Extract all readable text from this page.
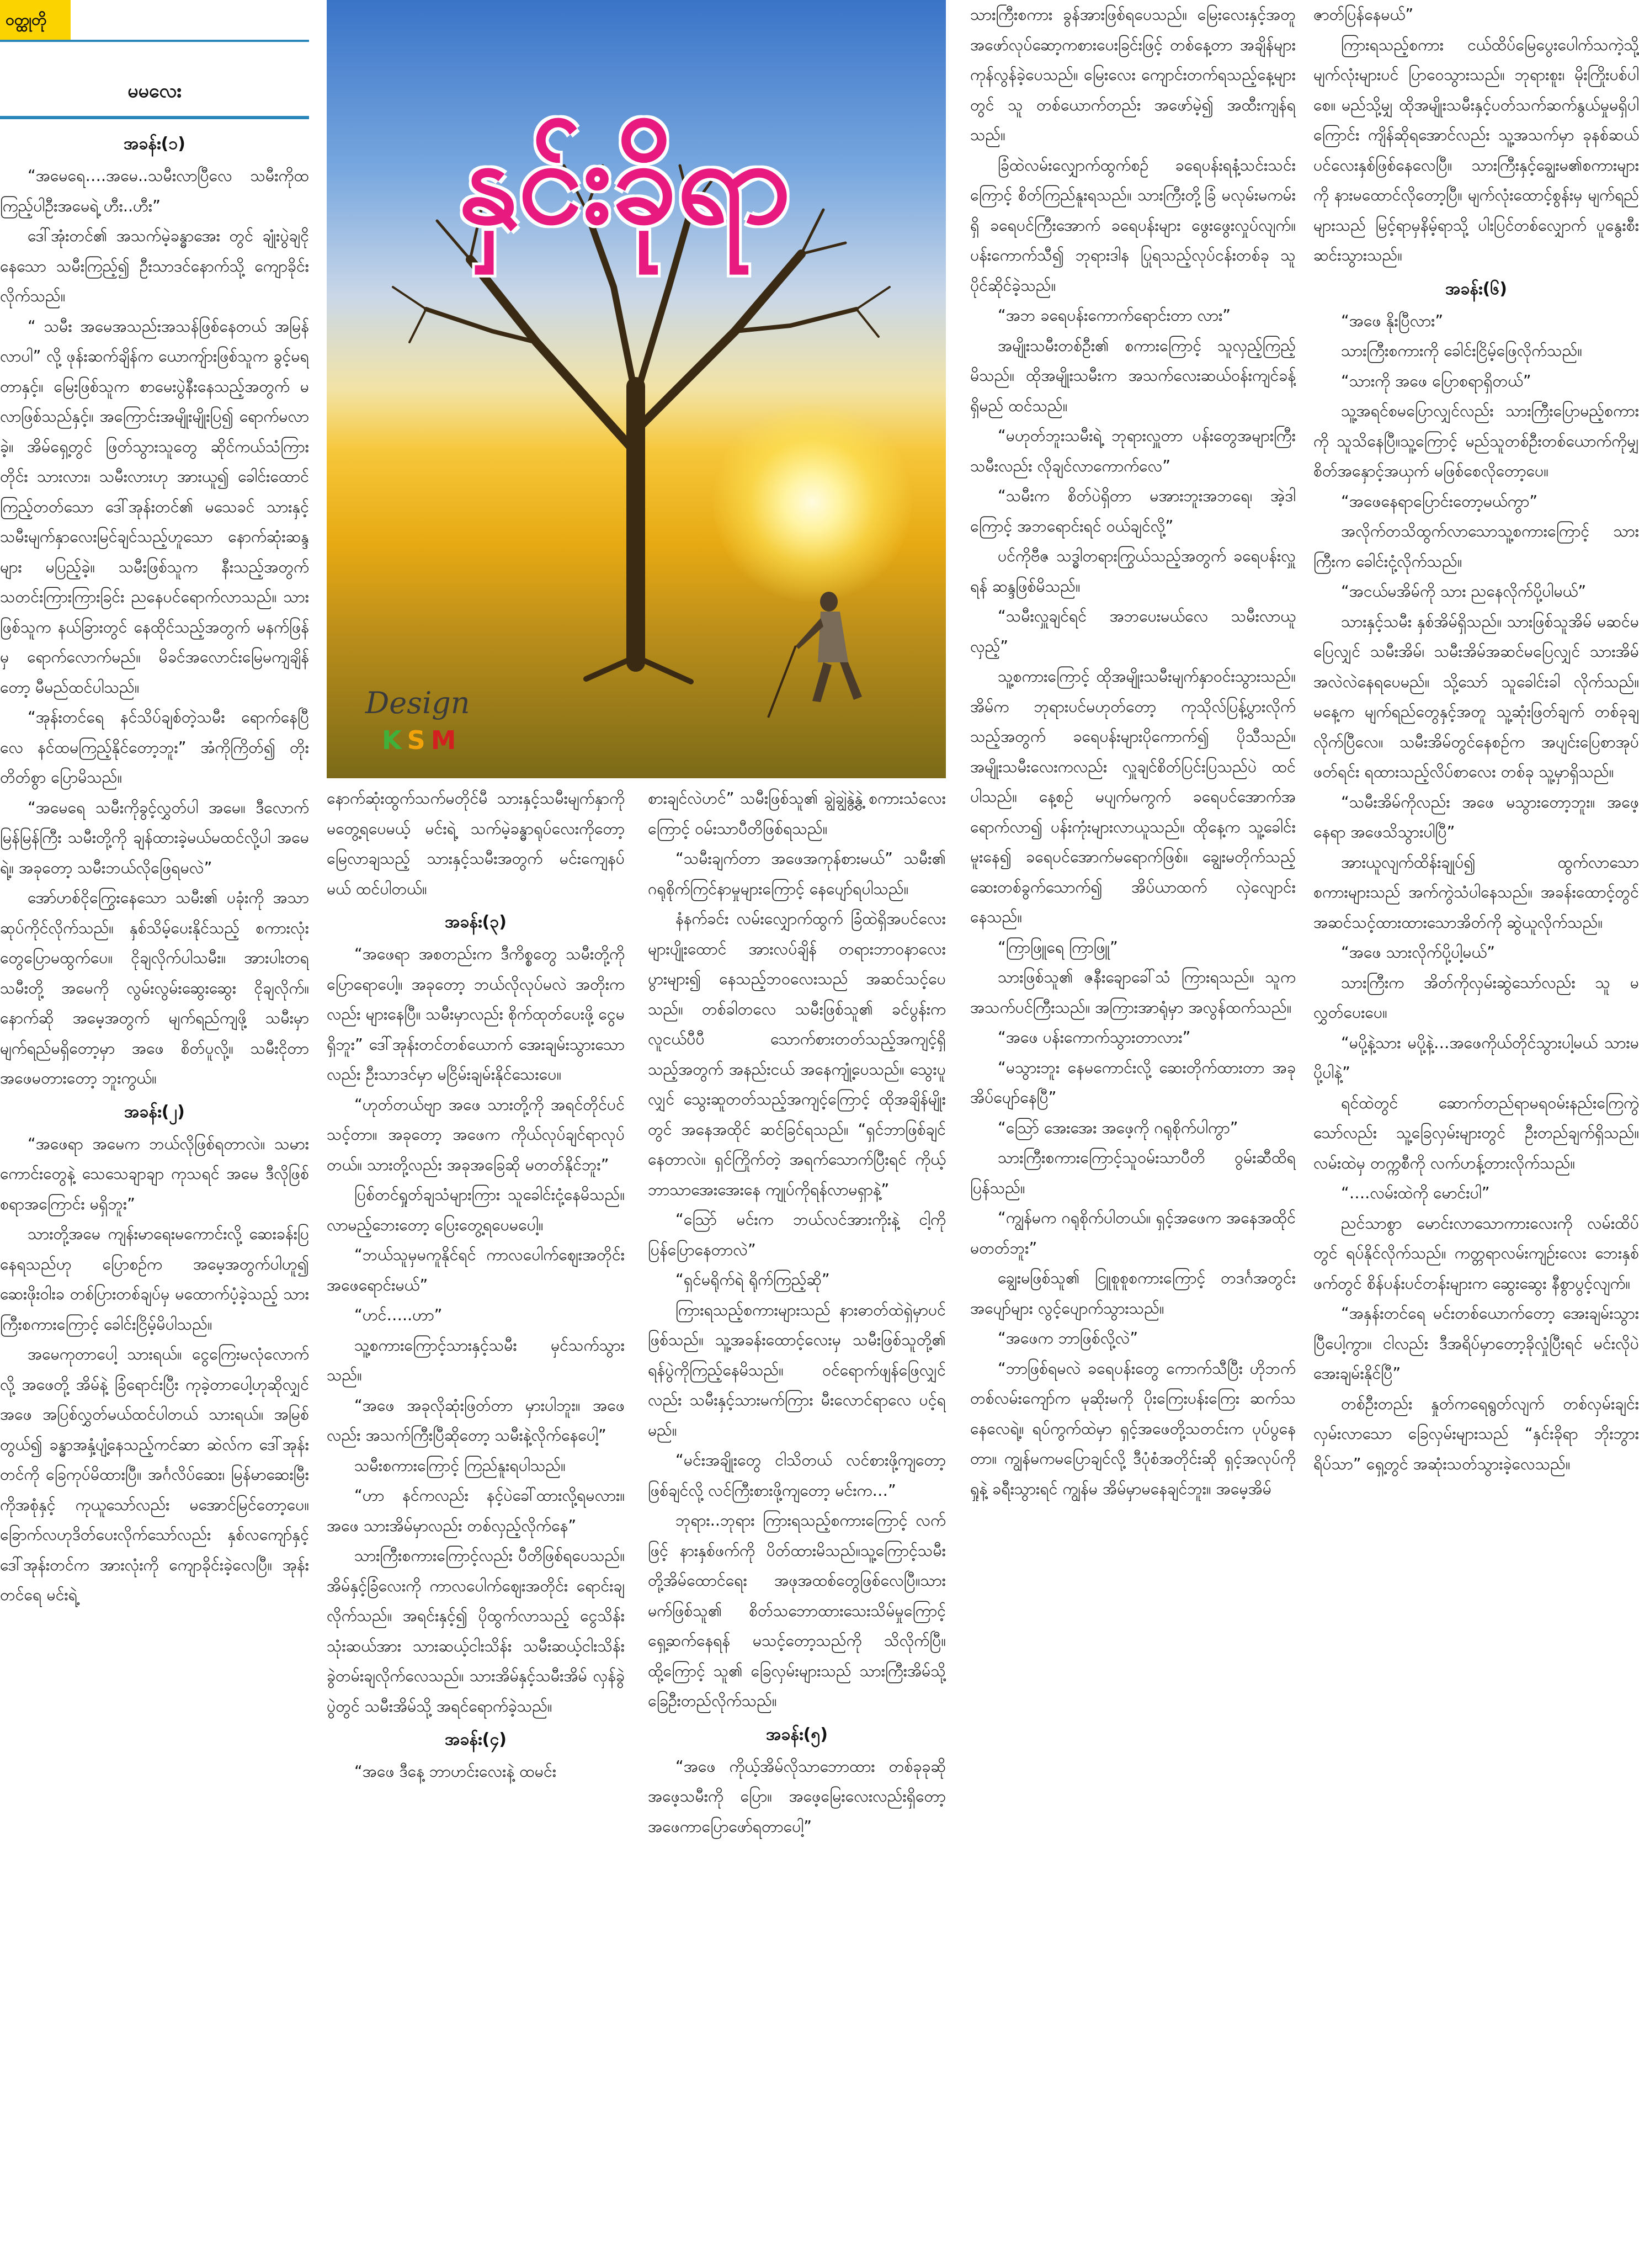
ဝတ္ထုတို
မမလေး
နှင်းခိုရာ
Design
KSM
အခန်း(၁)

“အမေရေ….အမေ..သမီးလာပြီလေ သမီးကိုထကြည့်ပါဦးအမေရဲ့ ဟီး..ဟီး”

ဒေါ်အုံးတင်၏ အသက်မဲ့ခန္ဓာအေး တွင် ချုံးပွဲချငိုနေသော သမီးကြည့်၍ ဦးသာဒင်နောက်သို့ ကျောခိုင်းလိုက်သည်။

“ သမီး အမေအသည်းအသန်ဖြစ်နေတယ် အမြန်လာပါ” လို့ ဖုန်းဆက်ချိန်က ယောကျ်ားဖြစ်သူက ခွင့်မရတာနှင့်။ မြေးဖြစ်သူက စာမေးပွဲနီးနေသည့်အတွက် မလာဖြစ်သည်နှင့်။ အကြောင်းအမျိုးမျိုးပြ၍ ရောက်မလာခဲ့။ အိမ်ရှေ့တွင် ဖြတ်သွားသူတွေ ဆိုင်ကယ်သံကြားတိုင်း သားလား၊ သမီးလားဟု အားယူ၍ ခေါင်းထောင်ကြည့်တတ်သော ဒေါ်အုန်းတင်၏ မသေခင် သားနှင့် သမီးမျက်နှာလေးမြင်ချင်သည့်ဟူသော နောက်ဆုံးဆန္ဒများ မပြည့်ခဲ့။ သမီးဖြစ်သူက နီးသည့်အတွက်သတင်းကြားကြားခြင်း ညနေပင်ရောက်လာသည်။ သားဖြစ်သူက နယ်ခြားတွင် နေထိုင်သည့်အတွက် မနက်ဖြန်မှ ရောက်လောက်မည်။ မိခင်အလောင်းမြေမကျချိန်တော့ မီမည်ထင်ပါသည်။

“အုန်းတင်ရေ နင်သိပ်ချစ်တဲ့သမီး ရောက်နေပြီလေ နင်ထမကြည့်နိုင်တော့ဘူး” အံကိုကြိတ်၍ တိုးတိတ်စွာ ပြောမိသည်။

“အမေရေ သမီးကိုခွင့်လွှတ်ပါ အမေ။ ဒီလောက်မြန်မြန်ကြီး သမီးတို့ကို ချန်ထားခဲ့မယ်မထင်လို့ပါ အမေရဲ့။ အခုတော့ သမီးဘယ်လိုဖြေရမလဲ”

အော်ဟစ်ငိုကြွေးနေသော သမီး၏ ပခုံးကို အသာဆုပ်ကိုင်လိုက်သည်။ နှစ်သိမ့်ပေးနိုင်သည့် စကားလုံးတွေပြောမထွက်ပေ။ ငိုချလိုက်ပါသမီး။ အားပါးတရ သမီးတို့ အမေကို လွမ်းလွမ်းဆွေးဆွေး ငိုချလိုက်။ နောက်ဆို အမေ့အတွက် မျက်ရည်ကျဖို့ သမီးမှာ မျက်ရည်မရှိတော့မှာ အဖေ စိတ်ပူလို့။ သမီးငိုတာ အဖေမတားတော့ ဘူးကွယ်။

အခန်း(၂)

“အဖေရာ အမေက ဘယ်လိုဖြစ်ရတာလဲ။ သမားကောင်းတွေနဲ့ သေသေချာချာ ကုသရင် အမေ ဒီလိုဖြစ်စရာအကြောင်း မရှိဘူး”

သားတို့အမေ ကျန်းမာရေးမကောင်းလို့ ဆေးခန်းပြနေရသည်ဟု ပြောစဉ်က အမေ့အတွက်ပါဟူ၍ ဆေးဖိုးဝါးခ တစ်ပြားတစ်ချပ်မှ မထောက်ပံ့ခဲ့သည့် သားကြီးစကားကြောင့် ခေါင်းငြိမ့်မိပါသည်။

အမေကုတာပေါ့ သားရယ်။ ငွေကြေးမလုံလောက်လို့ အဖေတို့ အိမ်နဲ့ ခြံရောင်းပြီး ကုခဲ့တာပေါ့ဟုဆိုလျှင် အဖေ အပြစ်လွှတ်မယ်ထင်ပါတယ် သားရယ်။ အမြစ်တွယ်၍ ခန္ဓာအနှံ့ပျံ့နေသည့်ကင်ဆာ ဆဲလ်က ဒေါ်အုန်းတင်ကို ခြေကုပ်မိထားပြီ။ အင်္ဂလိပ်ဆေး၊ မြန်မာဆေးမြီးကိုအစုံနှင့် ကုယူသော်လည်း မအောင်မြင်တော့ပေ။ ခြောက်လဟုဒိတ်ပေးလိုက်သော်လည်း နှစ်လကျော်နှင့် ဒေါ်အုန်းတင်က အားလုံးကို ကျောခိုင်းခဲ့လေပြီ။ အုန်းတင်ရေ မင်းရဲ့

နောက်ဆုံးထွက်သက်မတိုင်မီ သားနှင့်သမီးမျက်နှာကို မတွေ့ရပေမယ့် မင်းရဲ့ သက်မဲ့ခန္ဓာရုပ်လေးကိုတော့ မြေလာချသည့် သားနှင့်သမီးအတွက် မင်းကျေနပ်မယ် ထင်ပါတယ်။

အခန်း(၃)

“အဖေရာ အစတည်းက ဒီကိစ္စတွေ သမီးတို့ကို ပြောရောပေါ့။ အခုတော့ ဘယ်လိုလုပ်မလဲ အတိုးကလည်း များနေပြီ။ သမီးမှာလည်း စိုက်ထုတ်ပေးဖို့ ငွေမရှိဘူး” ဒေါ်အုန်းတင်တစ်ယောက် အေးချမ်းသွားသောလည်း ဦးသာဒင်မှာ မငြိမ်းချမ်းနိုင်သေးပေ။

“ဟုတ်တယ်ဗျာ အဖေ သားတို့ကို အရင်တိုင်ပင်သင့်တာ။ အခုတော့ အဖေက ကိုယ်လုပ်ချင်ရာလုပ်တယ်။ သားတို့လည်း အခုအခြေဆို မတတ်နိုင်ဘူး”

ပြစ်တင်ရှုတ်ချသံများကြား သူခေါင်းငုံ့နေမိသည်။ လာမည့်ဘေးတော့ ပြေးတွေ့ရပေမပေါ့။

“ဘယ်သူမှမကူနိုင်ရင် ကာလပေါက်ဈေးအတိုင်း အဖေရောင်းမယ်”

“ဟင်…..ဟာ”

သူ့စကားကြောင့်သားနှင့်သမီး မှင်သက်သွားသည်။

“အဖေ အခုလိုဆုံးဖြတ်တာ မှားပါဘူး။ အဖေလည်း အသက်ကြီးပြီဆိုတော့ သမီးနဲ့လိုက်နေပေါ့”

သမီးစကားကြောင့် ကြည်နူးရပါသည်။

“ဟာ နင်ကလည်း နင့်ပဲခေါ်ထားလို့ရမလား။ အဖေ သားအိမ်မှာလည်း တစ်လှည့်လိုက်နေ”

သားကြီးစကားကြောင့်လည်း ပီတိဖြစ်ရပေသည်။ အိမ်နှင့်ခြံလေးကို ကာလပေါက်ဈေးအတိုင်း ရောင်းချလိုက်သည်။ အရင်းနှင့်၍ ပိုထွက်လာသည့် ငွေသိန်းသုံးဆယ်အား သားဆယ့်ငါးသိန်း သမီးဆယ့်ငါးသိန်း ခွဲတမ်းချလိုက်လေသည်။ သားအိမ်နှင့်သမီးအိမ် လှန်ခွဲပွဲတွင် သမီးအိမ်သို့ အရင်ရောက်ခဲ့သည်။

အခန်း(၄)

“အဖေ ဒီနေ့ ဘာဟင်းလေးနဲ့ ထမင်း

စားချင်လဲဟင်” သမီးဖြစ်သူ၏ ချွဲချွဲနွဲ့နွဲ့ စကားသံလေးကြောင့် ဝမ်းသာပီတိဖြစ်ရသည်။

“သမီးချက်တာ အဖေအကုန်စားမယ်” သမီး၏ ဂရုစိုက်ကြင်နာမှုများကြောင့် နေပျော်ရပါသည်။

နံနက်ခင်း လမ်းလျှောက်ထွက် ခြံထဲရှိအပင်လေးများပျိုးထောင် အားလပ်ချိန် တရားဘာဝနာလေး ပွားများ၍ နေသည့်ဘဝလေးသည် အဆင်သင့်ပေသည်။ တစ်ခါတလေ သမီးဖြစ်သူ၏ ခင်ပွန်းက လူငယ်ပီပီ သောက်စားတတ်သည့်အကျင့်ရှိသည့်အတွက် အနည်းငယ် အနေကျုံ့ပေသည်။ သွေးပူလျှင် သွေးဆူတတ်သည့်အကျင့်ကြောင့် ထိုအချိန်မျိုးတွင် အနေအထိုင် ဆင်ခြင်ရသည်။ “ရှင်ဘာဖြစ်ချင်နေတာလဲ။ ရှင်ကြိုက်တဲ့ အရက်သောက်ပြီးရင် ကိုယ့်ဘာသာအေးအေးနေ ကျုပ်ကိုရန်လာမရှာနဲ့”

“ဩော် မင်းက ဘယ်လင်အားကိုးနဲ့ ငါ့ကိုပြန်ပြောနေတာလဲ”

“ရှင်မရိုက်ရဲ ရိုက်ကြည့်ဆို”

ကြားရသည့်စကားများသည် နားဓာတ်ထဲရှဲမှာပင်ဖြစ်သည်။ သူ့အခန်းထောင့်လေးမှ သမီးဖြစ်သူတို့၏ ရန်ပွဲကိုကြည့်နေမိသည်။ ဝင်ရောက်ဖျန်ဖြေလျှင်လည်း သမီးနှင့်သားမက်ကြား မီးလောင်ရာလေ ပင့်ရမည်။

“မင်းအချိုးတွေ ငါသိတယ် လင်စားဖို့ကျတော့ဖြစ်ချင်လို့ လင်ကြီးစားဖို့ကျတော့ မင်းက…”

ဘုရား..ဘုရား ကြားရသည့်စကားကြောင့် လက်ဖြင့် နားနှစ်ဖက်ကို ပိတ်ထားမိသည်။သူ့ကြောင့်သမီးတို့အိမ်ထောင်ရေး အဖုအထစ်တွေဖြစ်လေပြီ။သားမက်ဖြစ်သူ၏ စိတ်သဘောထားသေးသိမ်မှုကြောင့် ရှေ့ဆက်နေရန် မသင့်တော့သည်ကို သိလိုက်ပြီ။ ထို့ကြောင့် သူ၏ ခြေလှမ်းများသည် သားကြီးအိမ်သို့ ခြေဦးတည်လိုက်သည်။

အခန်း(၅)

“အဖေ ကိုယ့်အိမ်လိုသာဘောထား တစ်ခုခုဆို အဖေ့သမီးကို ပြော။ အဖေ့မြေးလေးလည်းရှိတော့ အဖေကာပြောဖော်ရတာပေါ့”

သားကြီးစကား ခွန်အားဖြစ်ရပေသည်။ မြေးလေးနှင့်အတူ အဖော်လုပ်ဆော့ကစားပေးခြင်းဖြင့် တစ်နေ့တာ အချိန်များ ကုန်လွန်ခဲ့ပေသည်။ မြေးလေး ကျောင်းတက်ရသည့်နေ့များတွင် သူ တစ်ယောက်တည်း အဖော်မဲ့၍ အထီးကျန်ရသည်။

ခြံထဲလမ်းလျှောက်ထွက်စဉ် ခရေပန်းရနံ့သင်းသင်းကြောင့် စိတ်ကြည်နူးရသည်။ သားကြီးတို့ခြံ မလုမ်းမကမ်းရှိ ခရေပင်ကြီးအောက် ခရေပန်းများ ဖွေးဖွေးလှုပ်လျက်။ ပန်းကောက်သီ၍ ဘုရားဒါန ပြုရသည့်လုပ်ငန်းတစ်ခု သူပိုင်ဆိုင်ခဲ့သည်။

“အဘ ခရေပန်းကောက်ရောင်းတာ လား”

အမျိုးသမီးတစ်ဦး၏ စကားကြောင့် သူလှည့်ကြည့်မိသည်။ ထိုအမျိုးသမီးက အသက်လေးဆယ်ဝန်းကျင်ခန့် ရှိမည် ထင်သည်။

“မဟုတ်ဘူးသမီးရဲ့ ဘုရားလှူတာ ပန်းတွေအများကြီး သမီးလည်း လိုချင်လာကောက်လေ”

“သမီးက စိတ်ပဲရှိတာ မအားဘူးအဘရေ၊ အဲ့ဒါကြောင့် အဘရောင်းရင် ဝယ်ချင်လို့”

ပင်ကိုဗီဇ သဒ္ဓါတရားကြွယ်သည့်အတွက် ခရေပန်းလှူရန် ဆန္ဒဖြစ်မိသည်။

“သမီးလှူချင်ရင် အဘပေးမယ်လေ သမီးလာယူလှည့်”

သူ့စကားကြောင့် ထိုအမျိုးသမီးမျက်နှာဝင်းသွားသည်။ အိမ်က ဘုရားပင်မဟုတ်တော့ ကုသိုလ်ပြန့်ပွားလိုက်သည့်အတွက် ခရေပန်းများပိုကောက်၍ ပိုသီသည်။ အမျိုးသမီးလေးကလည်း လှူချင်စိတ်ပြင်းပြသည်ပဲ ထင်ပါသည်။ နေ့စဉ် မပျက်မကွက် ခရေပင်အောက်အရောက်လာ၍ ပန်းကုံးများလာယူသည်။ ထိုနေ့က သူ့ခေါင်းမူးနေ၍ ခရေပင်အောက်မရောက်ဖြစ်။ ချွေးမတိုက်သည့် ဆေးတစ်ခွက်သောက်၍ အိပ်ယာထက် လှဲလျောင်းနေသည်။

“ကြာဖြူရေ ကြာဖြူ”

သားဖြစ်သူ၏ ဇနီးချောခေါ်သံ ကြားရသည်။ သူက အသက်ပင်ကြီးသည်။ အကြားအာရုံမှာ အလွန်ထက်သည်။

“အဖေ ပန်းကောက်သွားတာလား”

“မသွားဘူး နေမကောင်းလို့ ဆေးတိုက်ထားတာ အခုအိပ်ပျော်နေပြီ”

“ဩော် အေးအေး အဖေ့ကို ဂရုစိုက်ပါကွာ”

သားကြီးစကားကြောင့်သူဝမ်းသာပီတိ ဝွမ်းဆီထိရပြန်သည်။

“ကျွန်မက ဂရုစိုက်ပါတယ်။ ရှင့်အဖေက အနေအထိုင်မတတ်ဘူး”

ချွေးမဖြစ်သူ၏ ငြူစူစူစကားကြောင့် တဒင်္ဂအတွင်း အပျော်များ လွင့်ပျောက်သွားသည်။

“အဖေက ဘာဖြစ်လို့လဲ”

“ဘာဖြစ်ရမလဲ ခရေပန်းတွေ ကောက်သီပြီး ဟိုဘက်တစ်လမ်းကျော်က မုဆိုးမကို ပိုးကြေးပန်းကြေး ဆက်သနေလေရဲ့။ ရပ်ကွက်ထဲမှာ ရှင့်အဖေတို့သတင်းက ပုပ်ပွနေတာ။ ကျွန်မကမပြောချင်လို့ ဒီပုံစံအတိုင်းဆို ရှင့်အလုပ်ကိုရှုနဲ့ ခရီးသွားရင် ကျွန်မ အိမ်မှာမနေချင်ဘူး။ အမေ့အိမ်

ဇာတ်ပြန်နေမယ်”

ကြားရသည့်စကား ငယ်ထိပ်မြေပွေးပေါက်သကဲ့သို့ မျက်လုံးများပင် ပြာဝေသွားသည်။ ဘုရားစူး၊ မိုးကြိုးပစ်ပါစေ။ မည်သို့မျှ ထိုအမျိုးသမီးနှင့်ပတ်သက်ဆက်နွယ်မှုမရှိပါကြောင်း ကျိန်ဆိုရအောင်လည်း သူ့အသက်မှာ ခုနစ်ဆယ်ပင်လေးနှစ်ဖြစ်နေလေပြီ။ သားကြီးနှင့်ချွေးမ၏စကားများကို နားမထောင်လိုတော့ပြီ။ မျက်လုံးထောင့်စွန်းမှ မျက်ရည်များသည် မြင့်ရာမှနိမ့်ရာသို့ ပါးပြင်တစ်လျှောက် ပူနွေးစီးဆင်းသွားသည်။

အခန်း(၆)

“အဖေ နိုးပြီလား”

သားကြီးစကားကို ခေါင်းငြိမ့်ဖြေလိုက်သည်။

“သားကို အဖေ ပြောစရာရှိတယ်”

သူ့အရင်စမပြောလျှင်လည်း သားကြီးပြောမည့်စကားကို သူသိနေပြီ။သူ့ကြောင့် မည်သူတစ်ဦးတစ်ယောက်ကိုမျှ စိတ်အနှောင့်အယှက် မဖြစ်စေလိုတော့ပေ။

“အဖေနေရာပြောင်းတော့မယ်ကွာ”

အလိုက်တသိထွက်လာသောသူ့စကားကြောင့် သားကြီးက ခေါင်းငုံ့လိုက်သည်။

“အငယ်မအိမ်ကို သား ညနေလိုက်ပို့ပါမယ်”

သားနှင့်သမီး နှစ်အိမ်ရှိသည်။ သားဖြစ်သူအိမ် မဆင်မပြေလျှင် သမီးအိမ်၊ သမီးအိမ်အဆင်မပြေလျှင် သားအိမ် အလဲလဲနေရပေမည်။ သို့သော် သူခေါင်းခါ လိုက်သည်။ မနေ့က မျက်ရည်တွေနှင့်အတူ သူ့ဆုံးဖြတ်ချက် တစ်ခုချလိုက်ပြီလေ။ သမီးအိမ်တွင်နေစဉ်က အပျင်းပြေစာအုပ်ဖတ်ရင်း ရထားသည့်လိပ်စာလေး တစ်ခု သူ့မှာရှိသည်။

“သမီးအိမ်ကိုလည်း အဖေ မသွားတော့ဘူး။ အဖေ့နေရာ အဖေသိသွားပါပြီ”

အားယူလျက်ထိန်းချုပ်၍ ထွက်လာသောစကားများသည် အက်ကွဲသံပါနေသည်။ အခန်းထောင့်တွင် အဆင်သင့်ထားထားသောအိတ်ကို ဆွဲယူလိုက်သည်။

“အဖေ သားလိုက်ပို့ပါ့မယ်”

သားကြီးက အိတ်ကိုလှမ်းဆွဲသော်လည်း သူ မလွှတ်ပေးပေ။

“မပို့နဲ့သား မပို့နဲ့…အဖေကိုယ်တိုင်သွားပါ့မယ် သားမပို့ပါနဲ့”

ရင်ထဲတွင် ဆောက်တည်ရာမရဝမ်းနည်းကြေကွဲသော်လည်း သူ့ခြေလှမ်းများတွင် ဦးတည်ချက်ရှိသည်။ လမ်းထဲမှ တက္ကစီကို လက်ဟန့်တားလိုက်သည်။

“….လမ်းထဲကို မောင်းပါ”

ညင်သာစွာ မောင်းလာသောကားလေးကို လမ်းထိပ်တွင် ရပ်နိုင်လိုက်သည်။ ကတ္တရာလမ်းကျဉ်းလေး ဘေးနှစ်ဖက်တွင် စိန်ပန်းပင်တန်းများက ဆွေးဆွေး နီစွာပွင့်လျက်။

“အနှန်းတင်ရေ မင်းတစ်ယောက်တော့ အေးချမ်းသွားပြီပေါ့ကွာ။ ငါလည်း ဒီအရိပ်မှာတော့ခိုလှုံပြီးရင် မင်းလိုပဲ အေးချမ်းနိုင်ပြီ”

တစ်ဦးတည်း နှုတ်ကရေရွတ်လျက် တစ်လှမ်းချင်းလှမ်းလာသော ခြေလှမ်းများသည် “နှင်းခိုရာ ဘိုးဘွားရိပ်သာ” ရှေ့တွင် အဆုံးသတ်သွားခဲ့လေသည်။
